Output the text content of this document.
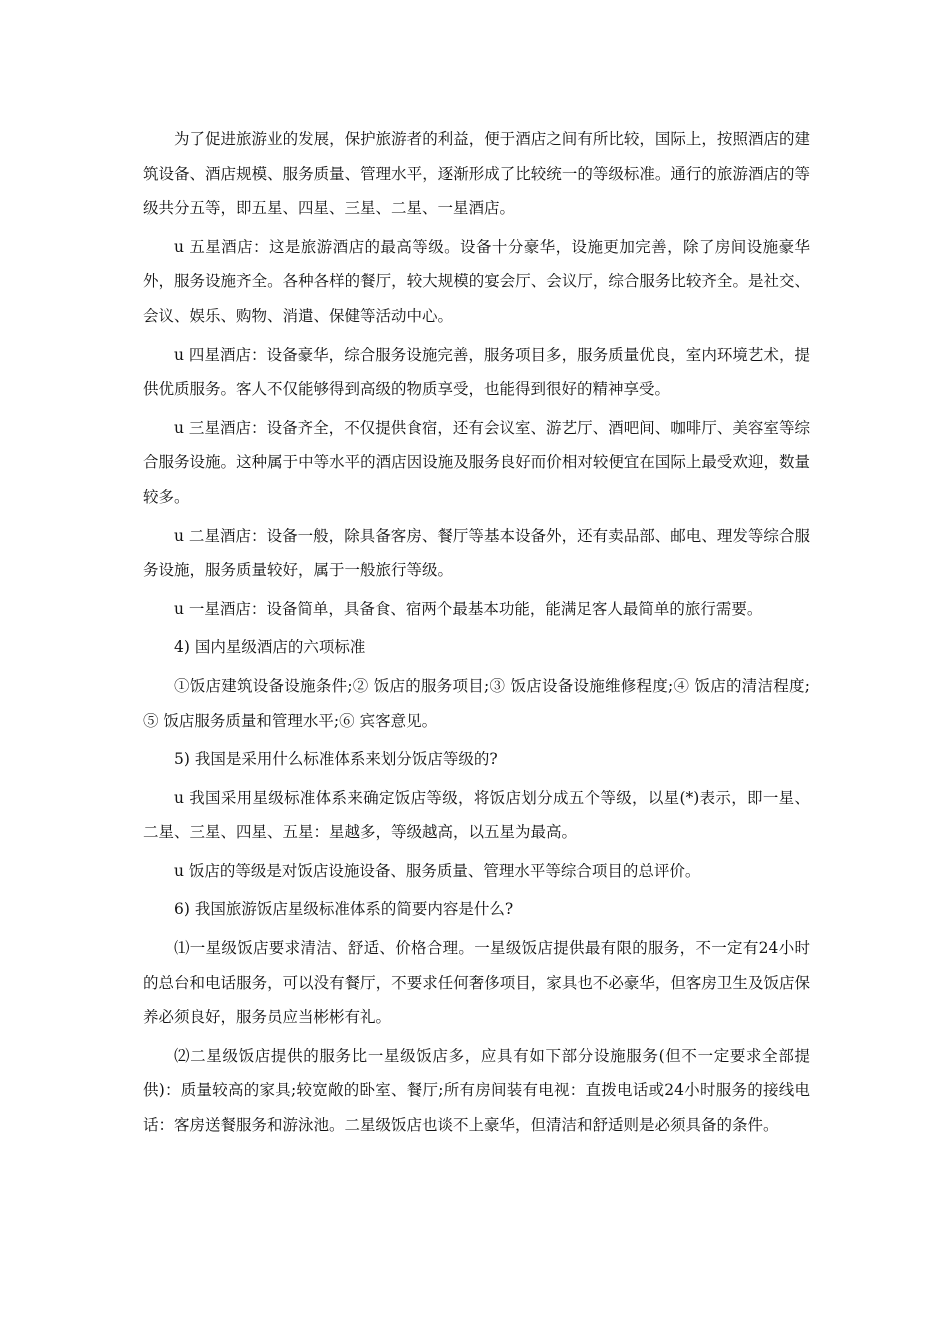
为了促进旅游业的发展，保护旅游者的利益，便于酒店之间有所比较，国际上，按照酒店的建筑设备、酒店规模、服务质量、管理水平，逐渐形成了比较统一的等级标准。通行的旅游酒店的等级共分五等，即五星、四星、三星、二星、一星酒店。

u 五星酒店：这是旅游酒店的最高等级。设备十分豪华，设施更加完善，除了房间设施豪华外，服务设施齐全。各种各样的餐厅，较大规模的宴会厅、会议厅，综合服务比较齐全。是社交、会议、娱乐、购物、消遣、保健等活动中心。

u 四星酒店：设备豪华，综合服务设施完善，服务项目多，服务质量优良，室内环境艺术，提供优质服务。客人不仅能够得到高级的物质享受，也能得到很好的精神享受。

u 三星酒店：设备齐全，不仅提供食宿，还有会议室、游艺厅、酒吧间、咖啡厅、美容室等综合服务设施。这种属于中等水平的酒店因设施及服务良好而价相对较便宜在国际上最受欢迎，数量较多。

u 二星酒店：设备一般，除具备客房、餐厅等基本设备外，还有卖品部、邮电、理发等综合服务设施，服务质量较好，属于一般旅行等级。

u 一星酒店：设备简单，具备食、宿两个最基本功能，能满足客人最简单的旅行需要。

4) 国内星级酒店的六项标准

①饭店建筑设备设施条件;② 饭店的服务项目;③ 饭店设备设施维修程度;④ 饭店的清洁程度;⑤ 饭店服务质量和管理水平;⑥ 宾客意见。

5) 我国是采用什么标准体系来划分饭店等级的?

u 我国采用星级标准体系来确定饭店等级，将饭店划分成五个等级，以星(*)表示，即一星、二星、三星、四星、五星：星越多，等级越高，以五星为最高。

u 饭店的等级是对饭店设施设备、服务质量、管理水平等综合项目的总评价。

6) 我国旅游饭店星级标准体系的简要内容是什么?

⑴一星级饭店要求清洁、舒适、价格合理。一星级饭店提供最有限的服务，不一定有24小时的总台和电话服务，可以没有餐厅，不要求任何奢侈项目，家具也不必豪华，但客房卫生及饭店保养必须良好，服务员应当彬彬有礼。

⑵二星级饭店提供的服务比一星级饭店多，应具有如下部分设施服务(但不一定要求全部提供)：质量较高的家具;较宽敞的卧室、餐厅;所有房间装有电视：直拨电话或24小时服务的接线电话：客房送餐服务和游泳池。二星级饭店也谈不上豪华，但清洁和舒适则是必须具备的条件。
